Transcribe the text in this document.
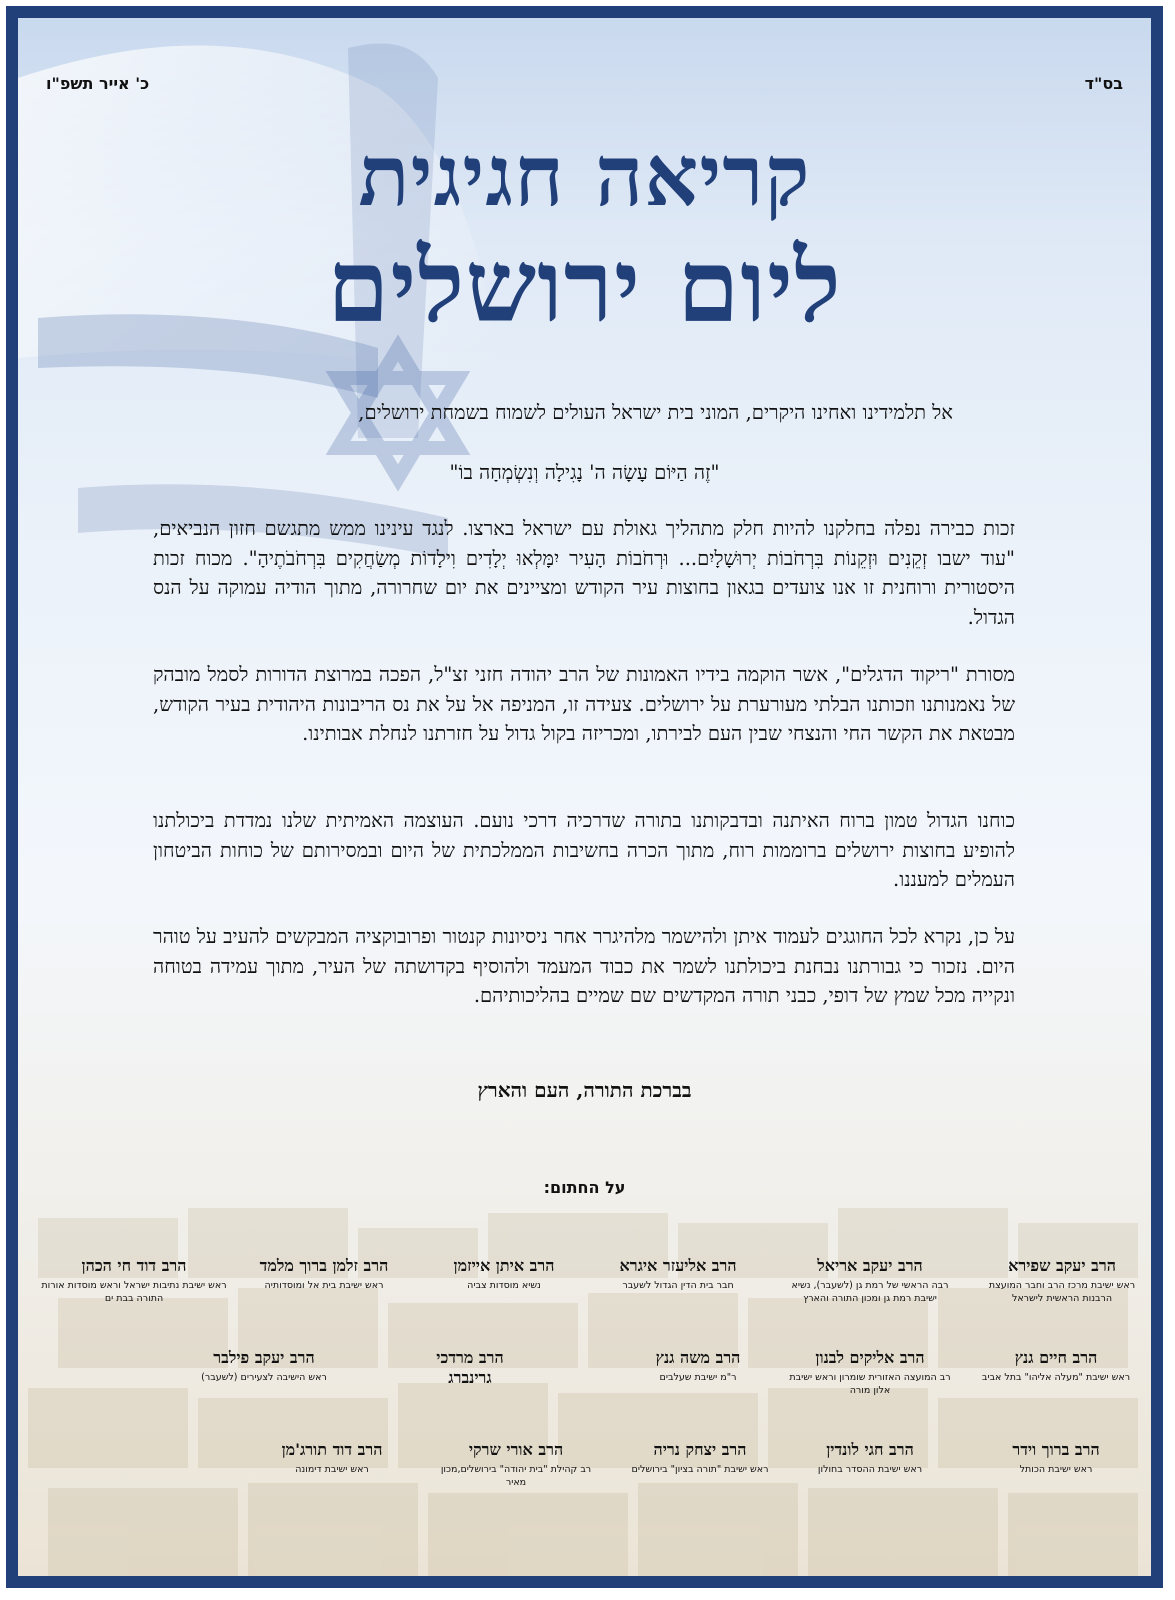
בס"ד
כ' אייר תשפ"ו
קריאה חגיגית
ליום ירושלים
אל תלמידינו ואחינו היקרים, המוני בית ישראל העולים לשמוח בשמחת ירושלים,
"זֶה הַיּוֹם עָשָׂה ה' נָגִילָה וְנִשְׂמְחָה בוֹ"
זכות כבירה נפלה בחלקנו להיות חלק מתהליך גאולת עם ישראל בארצו. לנגד עינינו ממש מתגשם חזון הנביאים, "עוד ישבו זְקֵנִים וּזְקֵנוֹת בִּרְחֹבוֹת יְרוּשָׁלָיִם... וּרְחֹבוֹת הָעִיר יִמָּלְאוּ יְלָדִים וִילָדוֹת מְשַׂחֲקִים בִּרְחֹבֹתֶיהָ". מכוח זכות היסטורית ורוחנית זו אנו צועדים בגאון בחוצות עיר הקודש ומציינים את יום שחרורה, מתוך הודיה עמוקה על הנס הגדול.
מסורת "ריקוד הדגלים", אשר הוקמה בידיו האמונות של הרב יהודה חזני זצ"ל, הפכה במרוצת הדורות לסמל מובהק של נאמנותנו וזכותנו הבלתי מעורערת על ירושלים. צעידה זו, המניפה אל על את נס הריבונות היהודית בעיר הקודש, מבטאת את הקשר החי והנצחי שבין העם לבירתו, ומכריזה בקול גדול על חזרתנו לנחלת אבותינו.
כוחנו הגדול טמון ברוח האיתנה ובדבקותנו בתורה שדרכיה דרכי נועם. העוצמה האמיתית שלנו נמדדת ביכולתנו להופיע בחוצות ירושלים ברוממות רוח, מתוך הכרה בחשיבות הממלכתית של היום ובמסירותם של כוחות הביטחון העמלים למעננו.
על כן, נקרא לכל החוגגים לעמוד איתן ולהישמר מלהיגרר אחר ניסיונות קנטור ופרובוקציה המבקשים להעיב על טוהר היום. נזכור כי גבורתנו נבחנת ביכולתנו לשמר את כבוד המעמד ולהוסיף בקדושתה של העיר, מתוך עמידה בטוחה ונקייה מכל שמץ של דופי, כבני תורה המקדשים שם שמיים בהליכותיהם.
בברכת התורה, העם והארץ
על החתום:
הרב יעקב שפירא
ראש ישיבת מרכז הרב וחבר המועצת הרבנות הראשית לישראל
הרב יעקב אריאל
רבה הראשי של רמת גן (לשעבר), נשיא ישיבת רמת גן ומכון התורה והארץ
הרב אליעזר איגרא
חבר בית הדין הגדול לשעבר
הרב איתן אייזמן
נשיא מוסדות צביה
הרב זלמן ברוך מלמד
ראש ישיבת בית אל ומוסדותיה
הרב דוד חי הכהן
ראש ישיבת נתיבות ישראל וראש מוסדות אורות התורה בבת ים
הרב חיים גנץ
ראש ישיבת "מעלה אליהו" בתל אביב
הרב אליקים לבנון
רב המועצה האזורית שומרון וראש ישיבת אלון מורה
הרב משה גנץ
ר"מ ישיבת שעלבים
הרב מרדכי גרינברג
הרב יעקב פילבר
ראש הישיבה לצעירים (לשעבר)
הרב ברוך וידר
ראש ישיבת הכותל
הרב חגי לונדין
ראש ישיבת ההסדר בחולון
הרב יצחק נריה
ראש ישיבת "תורה בציון" בירושלים
הרב אורי שרקי
רב קהילת "בית יהודה" בירושלים,מכון מאיר
הרב דוד תורג'מן
ראש ישיבת דימונה
